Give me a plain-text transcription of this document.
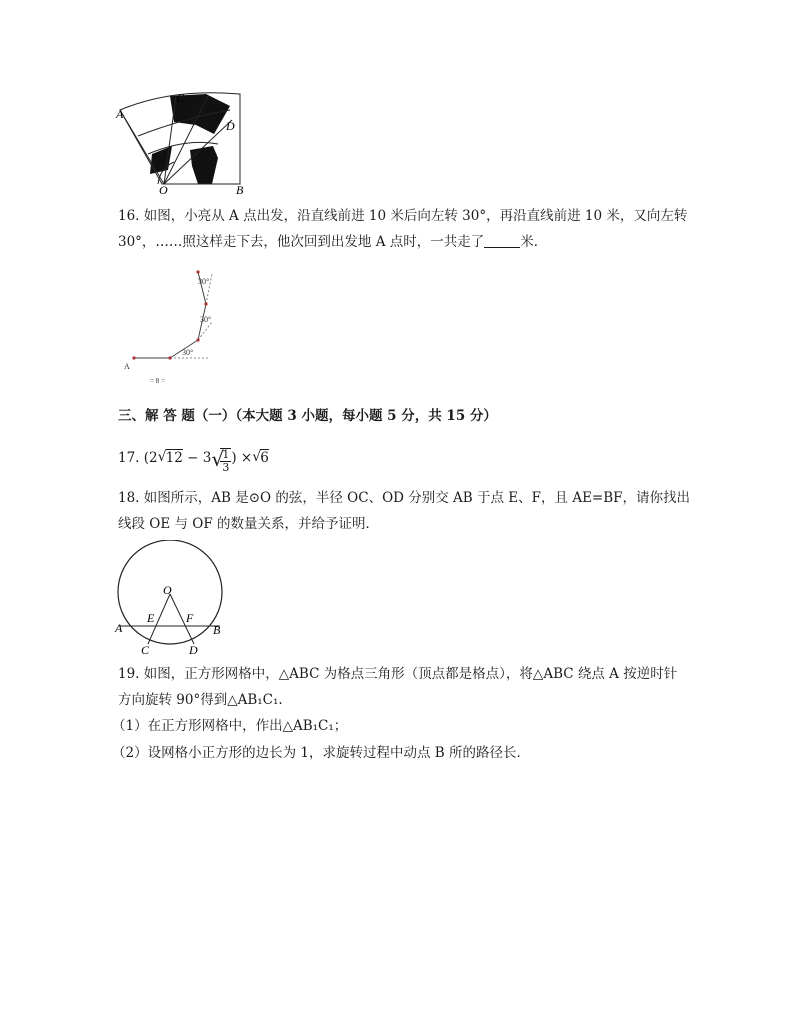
A
C
D
O	B
16. 如图，小亮从 A 点出发，沿直线前进 10 米后向左转 30°，再沿直线前进 10 米，又向左转
30°，……照这样走下去，他次回到出发地 A 点时，一共走了	米．
30°
30°
30°
A
= 8 =
三、解 答 题（一）（本大题 3 小题，每小题 5 分，共 15 分）
17. (2 √ 12 − 3 √
$\frac{1}{3}$ ) × √ 6
18. 如图所示，AB 是⊙O 的弦，半径 OC、OD 分别交 AB 于点 E、F，且 AE=BF，请你找出
线段 OE 与 OF 的数量关系，并给予证明．
O
E	F
A	B
C	D
19. 如图，正方形网格中，△ABC 为格点三角形（顶点都是格点），将△ABC 绕点 A 按逆时针
方向旋转 90°得到△AB₁C₁.
（1）在正方形网格中，作出△AB₁C₁；
（2）设网格小正方形的边长为 1，求旋转过程中动点 B 所的路径长．
